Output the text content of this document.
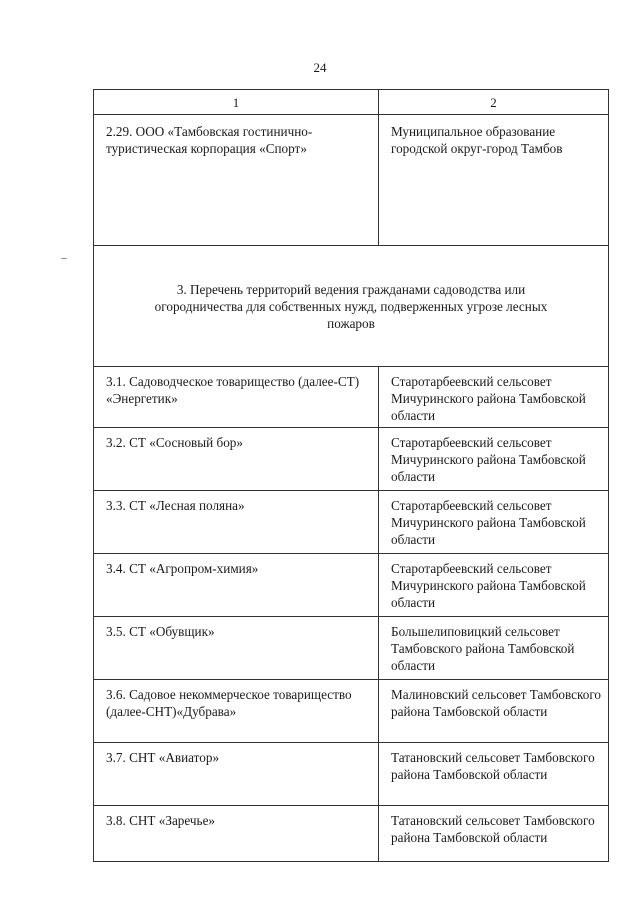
24
1	2

2.29. ООО «Тамбовская гостинично-туристическая корпорация «Спорт»	Муниципальное образование городской округ-город Тамбов

3. Перечень территорий ведения гражданами садоводства или огородничества для собственных нужд, подверженных угрозе лесных пожаров	

3.1. Садоводческое товарищество (далее-СТ) «Энергетик»	Старотарбеевский сельсовет Мичуринского района Тамбовской области

3.2. СТ «Сосновый бор»	Старотарбеевский сельсовет Мичуринского района Тамбовской области

3.3. СТ «Лесная поляна»	Старотарбеевский сельсовет Мичуринского района Тамбовской области

3.4. СТ «Агропром-химия»	Старотарбеевский сельсовет Мичуринского района Тамбовской области

3.5. СТ «Обувщик»	Большелиповицкий сельсовет Тамбовского района Тамбовской области

3.6. Садовое некоммерческое товарищество (далее-СНТ)«Дубрава»	Малиновский сельсовет Тамбовского района Тамбовской области

3.7. СНТ «Авиатор»	Татановский сельсовет Тамбовского района Тамбовской области

3.8. СНТ «Заречье»	Татановский сельсовет Тамбовского района Тамбовской области
